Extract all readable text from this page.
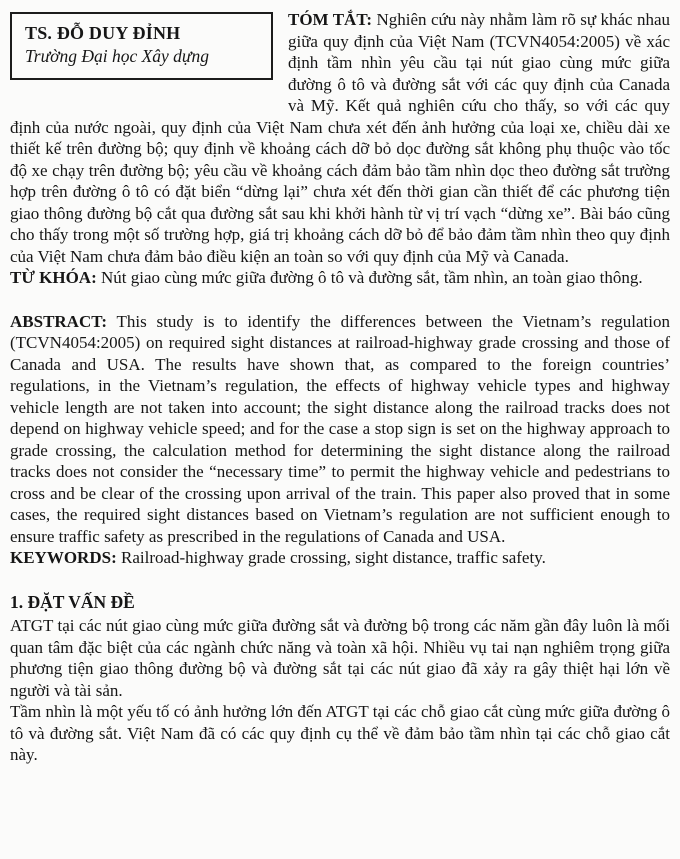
TS. ĐỖ DUY ĐỈNH
Trường Đại học Xây dựng

TÓM TẮT: Nghiên cứu này nhằm làm rõ sự khác nhau giữa quy định của Việt Nam (TCVN4054:2005) về xác định tầm nhìn yêu cầu tại nút giao cùng mức giữa đường ô tô và đường sắt với các quy định của Canada và Mỹ. Kết quả nghiên cứu cho thấy, so với các quy định của nước ngoài, quy định của Việt Nam chưa xét đến ảnh hưởng của loại xe, chiều dài xe thiết kế trên đường bộ; quy định về khoảng cách dỡ bỏ dọc đường sắt không phụ thuộc vào tốc độ xe chạy trên đường bộ; yêu cầu về khoảng cách đảm bảo tầm nhìn dọc theo đường sắt trường hợp trên đường ô tô có đặt biển “dừng lại” chưa xét đến thời gian cần thiết để các phương tiện giao thông đường bộ cắt qua đường sắt sau khi khởi hành từ vị trí vạch “dừng xe”. Bài báo cũng cho thấy trong một số trường hợp, giá trị khoảng cách dỡ bỏ để bảo đảm tầm nhìn theo quy định của Việt Nam chưa đảm bảo điều kiện an toàn so với quy định của Mỹ và Canada.

TỪ KHÓA: Nút giao cùng mức giữa đường ô tô và đường sắt, tầm nhìn, an toàn giao thông.

ABSTRACT: This study is to identify the differences between the Vietnam’s regulation (TCVN4054:2005) on required sight distances at railroad-highway grade crossing and those of Canada and USA. The results have shown that, as compared to the foreign countries’ regulations, in the Vietnam’s regulation, the effects of highway vehicle types and highway vehicle length are not taken into account; the sight distance along the railroad tracks does not depend on highway vehicle speed; and for the case a stop sign is set on the highway approach to grade crossing, the calculation method for determining the sight distance along the railroad tracks does not consider the “necessary time” to permit the highway vehicle and pedestrians to cross and be clear of the crossing upon arrival of the train. This paper also proved that in some cases, the required sight distances based on Vietnam’s regulation are not sufficient enough to ensure traffic safety as prescribed in the regulations of Canada and USA.

KEYWORDS: Railroad-highway grade crossing, sight distance, traffic safety.

1. ĐẶT VẤN ĐỀ

ATGT tại các nút giao cùng mức giữa đường sắt và đường bộ trong các năm gần đây luôn là mối quan tâm đặc biệt của các ngành chức năng và toàn xã hội. Nhiều vụ tai nạn nghiêm trọng giữa phương tiện giao thông đường bộ và đường sắt tại các nút giao đã xảy ra gây thiệt hại lớn về người và tài sản.

Tầm nhìn là một yếu tố có ảnh hưởng lớn đến ATGT tại các chỗ giao cắt cùng mức giữa đường ô tô và đường sắt. Việt Nam đã có các quy định cụ thể về đảm bảo tầm nhìn tại các chỗ giao cắt này.
